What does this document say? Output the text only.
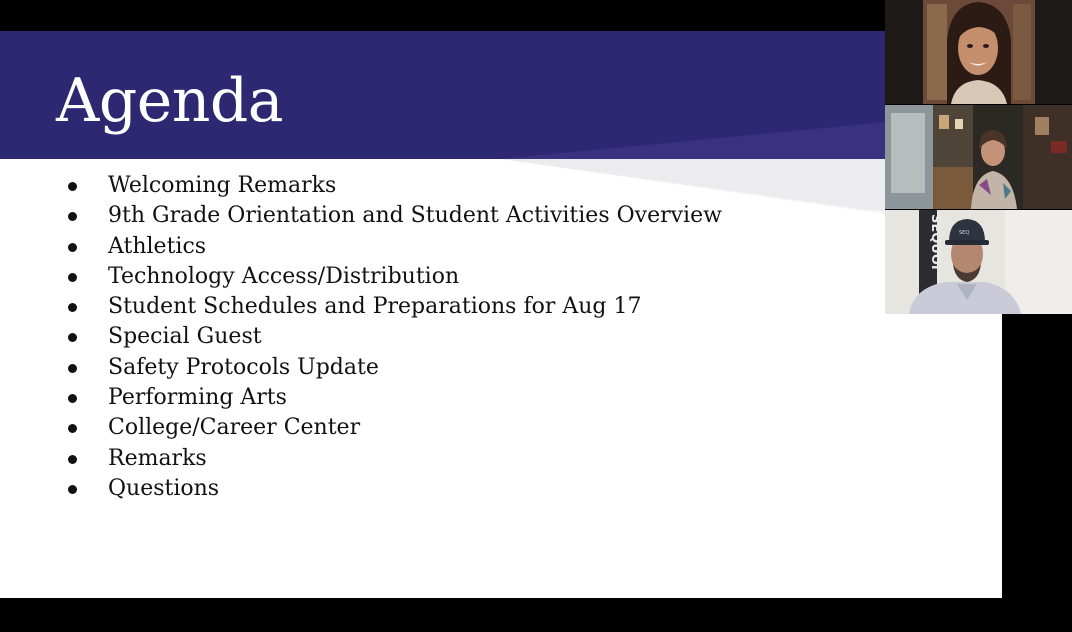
Agenda
Welcoming Remarks
9th Grade Orientation and Student Activities Overview
Athletics
Technology Access/Distribution
Student Schedules and Preparations for Aug 17
Special Guest
Safety Protocols Update
Performing Arts
College/Career Center
Remarks
Questions
SEQUOI	SEQ
